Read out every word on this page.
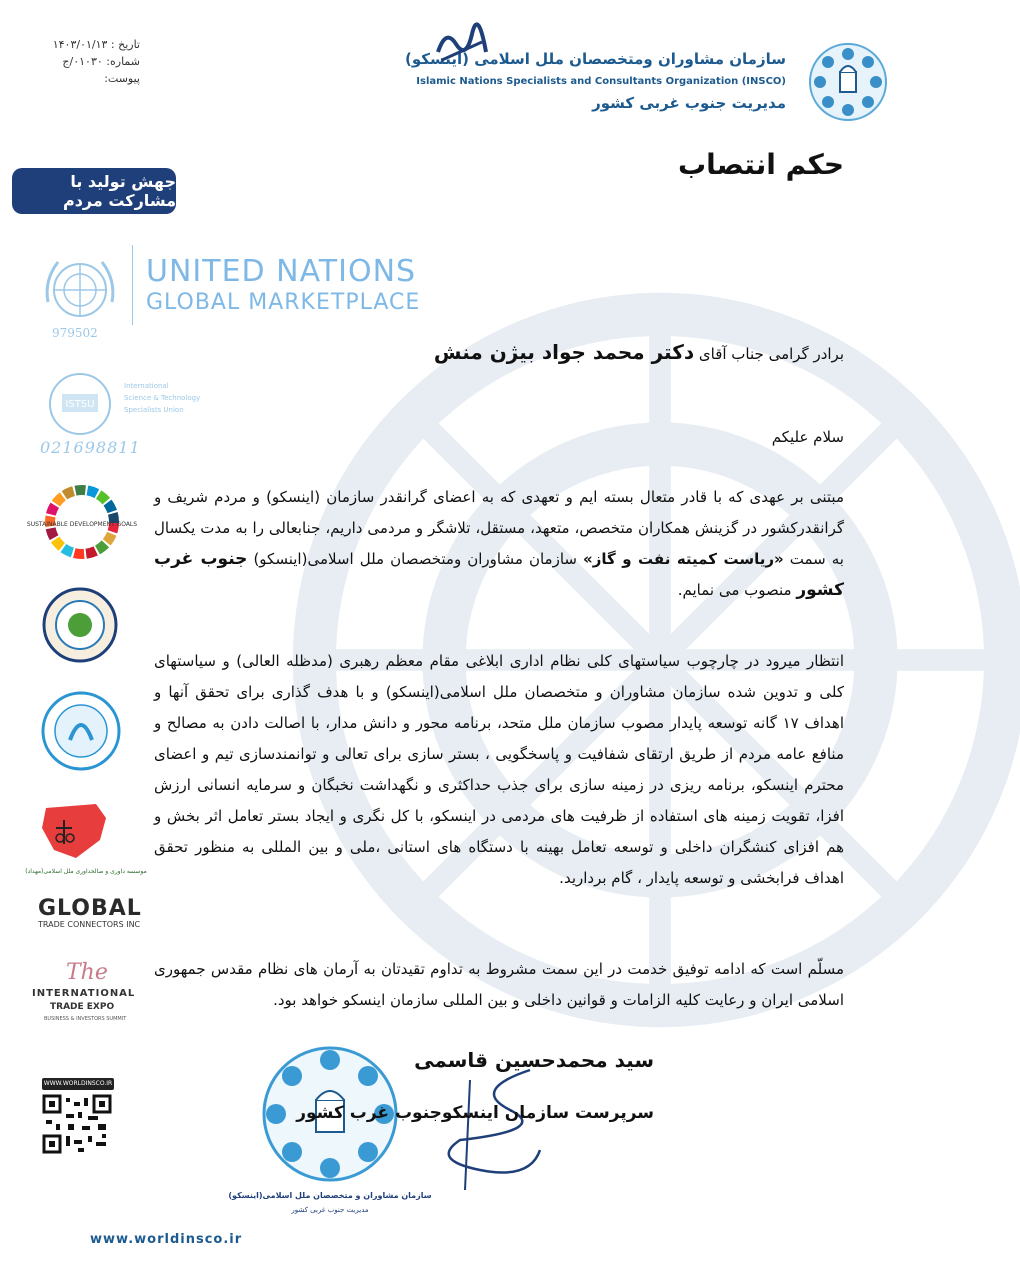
سازمان مشاوران ومتخصصان ملل اسلامی (اینسکو)
Islamic Nations Specialists and Consultants Organization (INSCO)
مدیریت جنوب غربی کشور
تاریخ : ۱۴۰۳/۰۱/۱۳
شماره: ۰۱۰۳۰/ج
پیوست:
حکم انتصاب
جهش تولید با مشارکت مردم
UNITED NATIONS
GLOBAL MARKETPLACE
979502
ISTSU
International
Science & Technology
Specialists Union
021698811
SUSTAINABLE DEVELOPMENT GOALS
موسسه داوری و صالحداوری ملل اسلامی(مهداد)
GLOBAL
TRADE CONNECTORS INC
The
INTERNATIONAL
TRADE EXPO
BUSINESS & INVESTORS SUMMIT
WWW.WORLDINSCO.IR
برادر گرامی جناب آقای دکتر محمد جواد بیژن منش
سلام علیکم
مبتنی بر عهدی که با قادر متعال بسته ایم و تعهدی که به اعضای گرانقدر سازمان (اینسکو) و مردم شریف و گرانقدرکشور در گزینش همکاران متخصص، متعهد، مستقل، تلاشگر و مردمی داریم، جنابعالی را به مدت یکسال به سمت «ریاست کمیته نفت و گاز» سازمان مشاوران ومتخصصان ملل اسلامی(اینسکو) جنوب غرب کشور منصوب می نمایم.
انتظار میرود در چارچوب سیاستهای کلی نظام اداری ابلاغی مقام معظم رهبری (مدظله العالی) و سیاستهای کلی و تدوین شده سازمان مشاوران و متخصصان ملل اسلامی(اینسکو) و با هدف گذاری برای تحقق آنها و اهداف ۱۷ گانه توسعه پایدار مصوب سازمان ملل متحد، برنامه محور و دانش مدار، با اصالت دادن به مصالح و منافع عامه مردم از طریق ارتقای شفافیت و پاسخگویی ، بستر سازی برای تعالی و توانمندسازی تیم و اعضای محترم اینسکو، برنامه ریزی در زمینه سازی برای جذب حداکثری و نگهداشت نخبگان و سرمایه انسانی ارزش افزا، تقویت زمینه های استفاده از ظرفیت های مردمی در اینسکو، با کل نگری و ایجاد بستر تعامل اثر بخش و هم افزای کنشگران داخلی و توسعه تعامل بهینه با دستگاه های استانی ،ملی و بین المللی به منظور تحقق اهداف فرابخشی و توسعه پایدار ، گام بردارید.
مسلّم است که ادامه توفیق خدمت در این سمت مشروط به تداوم تقیدتان به آرمان های نظام مقدس جمهوری اسلامی ایران و رعایت کلیه الزامات و قوانین داخلی و بین المللی سازمان اینسکو خواهد بود.
سازمان مشاوران و متخصصان ملل اسلامی(اینسکو)
مدیریت جنوب غربی کشور
سید محمدحسین قاسمی
سرپرست سازمان اینسکوجنوب غرب کشور
www.worldinsco.ir
